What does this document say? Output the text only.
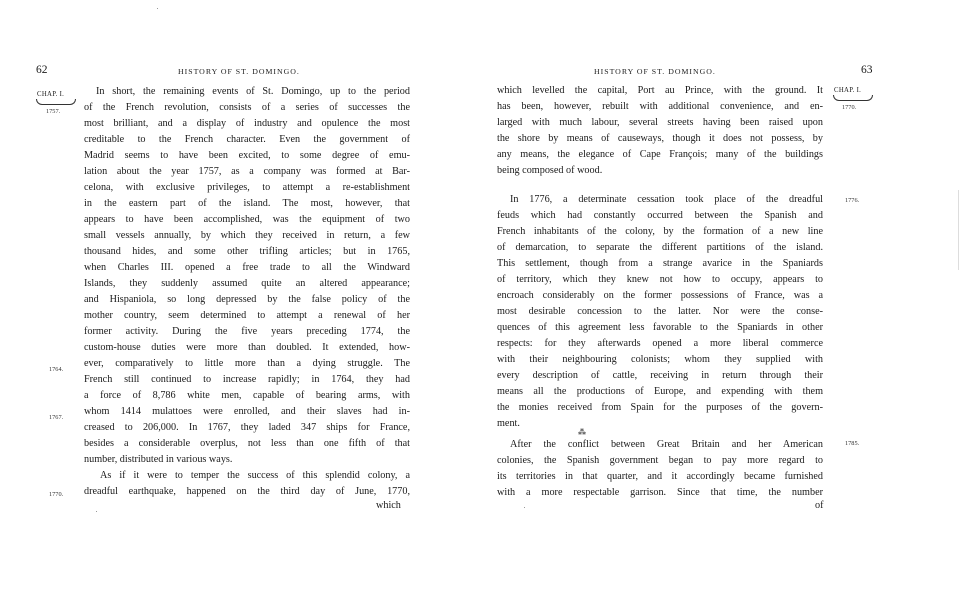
62	HISTORY OF ST. DOMINGO.
CHAP. I.
1757.
1764.
1767.
1770.
In short, the remaining events of St. Domingo, up to the period
of the French revolution, consists of a series of successes the
most brilliant, and a display of industry and opulence the most
creditable to the French character. Even the government of
Madrid seems to have been excited, to some degree of emu-
lation about the year 1757, as a company was formed at Bar-
celona, with exclusive privileges, to attempt a re-establishment
in the eastern part of the island. The most, however, that
appears to have been accomplished, was the equipment of two
small vessels annually, by which they received in return, a few
thousand hides, and some other trifling articles; but in 1765,
when Charles III. opened a free trade to all the Windward
Islands, they suddenly assumed quite an altered appearance;
and Hispaniola, so long depressed by the false policy of the
mother country, seem determined to attempt a renewal of her
former activity. During the five years preceding 1774, the
custom-house duties were more than doubled. It extended, how-
ever, comparatively to little more than a dying struggle. The
French still continued to increase rapidly; in 1764, they had
a force of 8,786 white men, capable of bearing arms, with
whom 1414 mulattoes were enrolled, and their slaves had in-
creased to 206,000. In 1767, they laded 347 ships for France,
besides a considerable overplus, not less than one fifth of that
number, distributed in various ways.
As if it were to temper the success of this splendid colony, a
dreadful earthquake, happened on the third day of June, 1770,
which
HISTORY OF ST. DOMINGO.	63
CHAP. I.
1770.
1776.
1785.
which levelled the capital, Port au Prince, with the ground. It
has been, however, rebuilt with additional convenience, and en-
larged with much labour, several streets having been raised upon
the shore by means of causeways, though it does not possess, by
any means, the elegance of Cape François; many of the buildings
being composed of wood.
In 1776, a determinate cessation took place of the dreadful
feuds which had constantly occurred between the Spanish and
French inhabitants of the colony, by the formation of a new line
of demarcation, to separate the different partitions of the island.
This settlement, though from a strange avarice in the Spaniards
of territory, which they knew not how to occupy, appears to
encroach considerably on the former possessions of France, was a
most desirable concession to the latter. Nor were the conse-
quences of this agreement less favorable to the Spaniards in other
respects: for they afterwards opened a more liberal commerce
with their neighbouring colonists; whom they supplied with
every description of cattle, receiving in return through their
means all the productions of Europe, and expending with them
the monies received from Spain for the purposes of the govern-
ment.
⁂
After the conflict between Great Britain and her American
colonies, the Spanish government began to pay more regard to
its territories in that quarter, and it accordingly became furnished
with a more respectable garrison. Since that time, the number
of
